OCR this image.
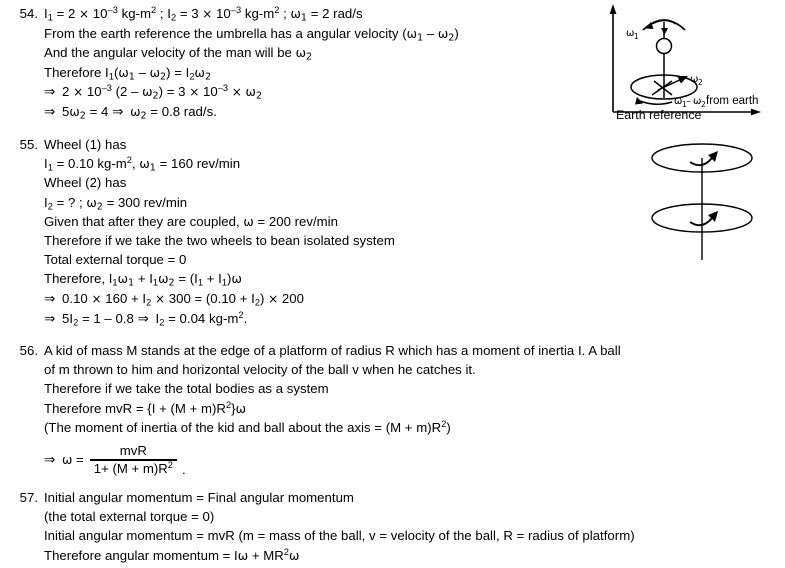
54. $I_1 = 2 \times 10^{-3}$ $kg-m^2$ ; $I_2 = 3 \times 10^{-3}$ $kg-m^2$ ; $\omega_1 = 2$ rad/s
From the earth reference the umbrella has a angular velocity $(\omega_1 - \omega_2)$
And the angular velocity of the man will be $\omega_2$
Therefore $I_1(\omega_1 - \omega_2) = I_2\omega_2$
⇒ $2 \times 10^{-3}$ $(2 - \omega_2) = 3 \times 10^{-3} \times \omega_2$
⇒ $5\omega_2 = 4$ ⇒ $\omega_2 = 0.8$ rad/s.
55. Wheel (1) has
$I_1 = 0.10$ $kg-m^2$, $\omega_1 = 160$ rev/min
Wheel (2) has
$I_2$ = ? ; $\omega_2 = 300$ rev/min
Given that after they are coupled, ω = 200 rev/min
Therefore if we take the two wheels to bean isolated system
Total external torque = 0
Therefore, $I_1\omega_1 + I_1\omega_2 = (I_1 + I_1)\omega$
⇒ $0.10 \times 160 + I_2 \times 300 = (0.10 + I_2) \times 200$
⇒ $5I_2 = 1 - 0.8$ ⇒ $I_2 = 0.04$ $kg-m^2$.
56. A kid of mass M stands at the edge of a platform of radius R which has a moment of inertia I. A ball of m thrown to him and horizontal velocity of the ball v when he catches it.
Therefore if we take the total bodies as a system
Therefore mvR = $\{I + (M + m)R^2\}\omega$
(The moment of inertia of the kid and ball about the axis = $(M + m)R^2$)
⇒ $\omega = \frac{\text{mvR}}{1+ (M + m)R^2}$ .
57. Initial angular momentum = Final angular momentum
(the total external torque = 0)
Initial angular momentum = mvR (m = mass of the ball, v = velocity of the ball, R = radius of platform)
Therefore angular momentum = $I\omega + MR^2\omega$
ω 1
ω 2
ω 1 – ω 2 from earth
Earth reference
